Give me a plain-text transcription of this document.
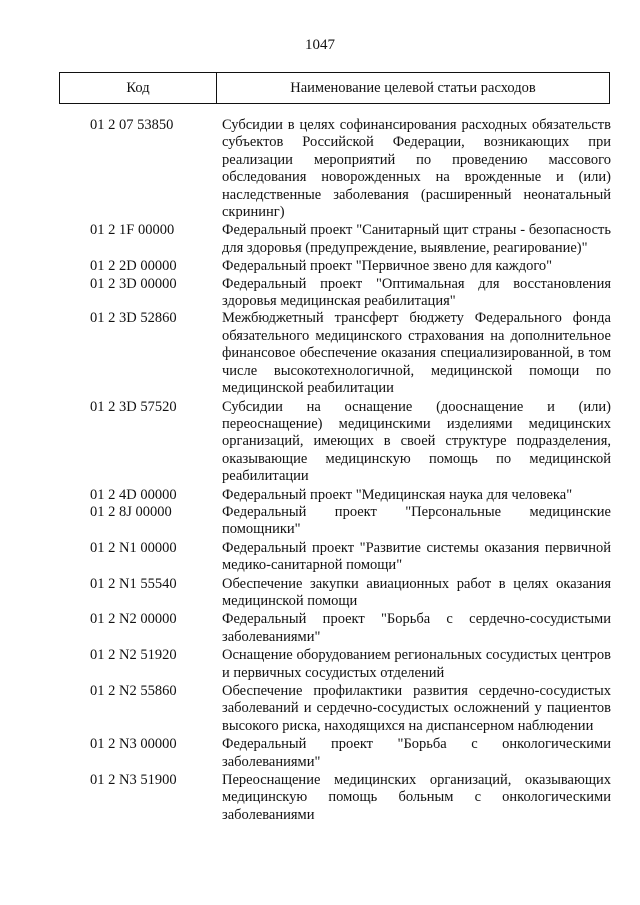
1047
Код	Наименование целевой статьи расходов
01 2 07 53850	Субсидии в целях софинансирования расходных обязательств субъектов Российской Федерации, возникающих при реализации мероприятий по проведению массового обследования новорожденных на врожденные и (или) наследственные заболевания (расширенный неонатальный скрининг)
01 2 1F 00000	Федеральный проект "Санитарный щит страны - безопасность для здоровья (предупреждение, выявление, реагирование)"
01 2 2D 00000	Федеральный проект "Первичное звено для каждого"
01 2 3D 00000	Федеральный проект "Оптимальная для восстановления здоровья медицинская реабилитация"
01 2 3D 52860	Межбюджетный трансферт бюджету Федерального фонда обязательного медицинского страхования на дополнительное финансовое обеспечение оказания специализированной, в том числе высокотехнологичной, медицинской помощи по медицинской реабилитации
01 2 3D 57520	Субсидии на оснащение (дооснащение и (или) переоснащение) медицинскими изделиями медицинских организаций, имеющих в своей структуре подразделения, оказывающие медицинскую помощь по медицинской реабилитации
01 2 4D 00000	Федеральный проект "Медицинская наука для человека"
01 2 8J 00000	Федеральный проект "Персональные медицинские помощники"
01 2 N1 00000	Федеральный проект "Развитие системы оказания первичной медико-санитарной помощи"
01 2 N1 55540	Обеспечение закупки авиационных работ в целях оказания медицинской помощи
01 2 N2 00000	Федеральный проект "Борьба с сердечно-сосудистыми заболеваниями"
01 2 N2 51920	Оснащение оборудованием региональных сосудистых центров и первичных сосудистых отделений
01 2 N2 55860	Обеспечение профилактики развития сердечно-сосудистых заболеваний и сердечно-сосудистых осложнений у пациентов высокого риска, находящихся на диспансерном наблюдении
01 2 N3 00000	Федеральный проект "Борьба с онкологическими заболеваниями"
01 2 N3 51900	Переоснащение медицинских организаций, оказывающих медицинскую помощь больным с онкологическими заболеваниями
